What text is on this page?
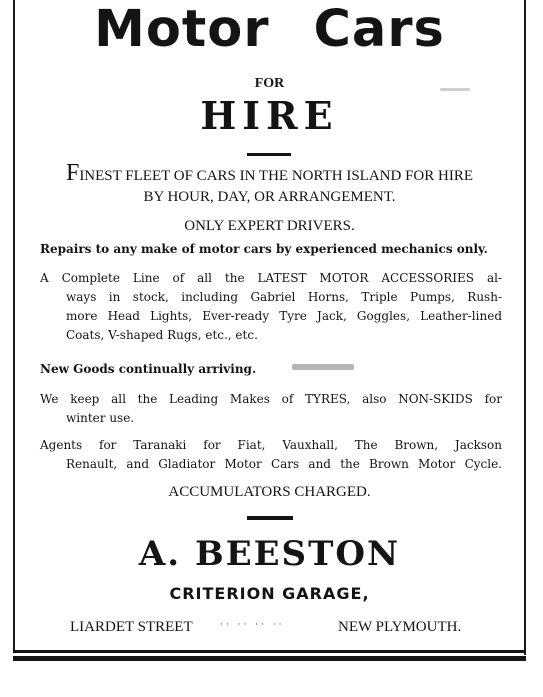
Motor Cars
FOR
HIRE
FINEST FLEET OF CARS IN THE NORTH ISLAND FOR HIRE
BY HOUR, DAY, OR ARRANGEMENT.
ONLY EXPERT DRIVERS.
Repairs to any make of motor cars by experienced mechanics only.
A Complete Line of all the LATEST MOTOR ACCESSORIES al-
ways in stock, including Gabriel Horns, Triple Pumps, Rush-
more Head Lights, Ever-ready Tyre Jack, Goggles, Leather-lined
Coats, V-shaped Rugs, etc., etc.
New Goods continually arriving.
We keep all the Leading Makes of TYRES, also NON-SKIDS for
winter use.
Agents for Taranaki for Fiat, Vauxhall, The Brown, Jackson
Renault, and Gladiator Motor Cars and the Brown Motor Cycle.
ACCUMULATORS CHARGED.
A. BEESTON
CRITERION GARAGE,
LIARDET STREET	·· ·· ·· ··	NEW PLYMOUTH.
